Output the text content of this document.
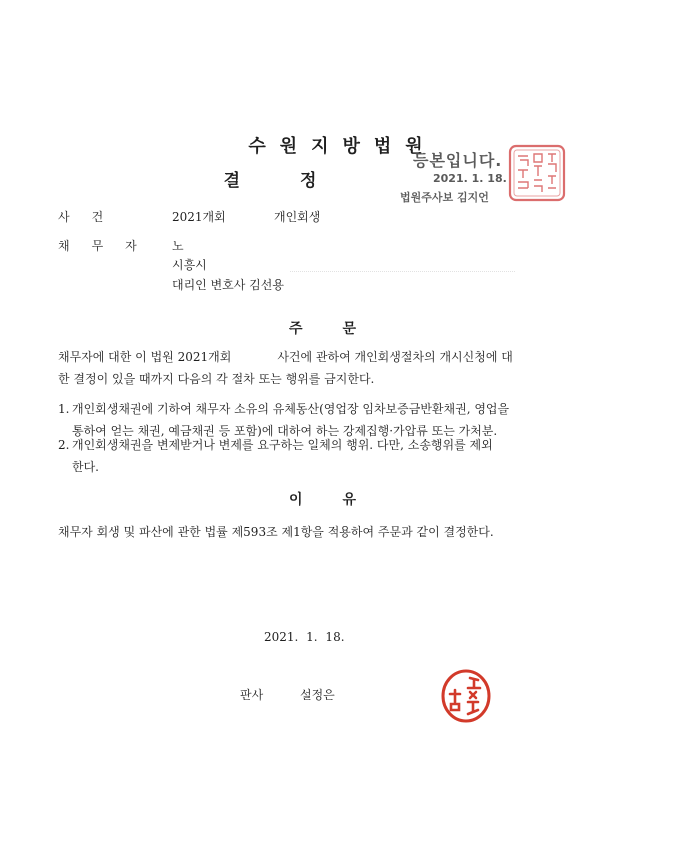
수원지방법원
결정
등본입니다.
2021. 1. 18.
법원주사보 김지언
사건	2021개회	개인회생
채무자 노
시흥시
대리인 변호사 김선용
주문
채무자에 대한 이 법원 2021개회	사건에 관하여 개인회생절차의 개시신청에 대
한 결정이 있을 때까지 다음의 각 절차 또는 행위를 금지한다.
1. 개인회생채권에 기하여 채무자 소유의 유체동산(영업장 임차보증금반환채권, 영업을
통하여 얻는 채권, 예금채권 등 포함)에 대하여 하는 강제집행·가압류 또는 가처분.
2. 개인회생채권을 변제받거나 변제를 요구하는 일체의 행위. 다만, 소송행위를 제외
한다.
이유
채무자 회생 및 파산에 관한 법률 제593조 제1항을 적용하여 주문과 같이 결정한다.
2021. 1. 18.
판사	설정은
